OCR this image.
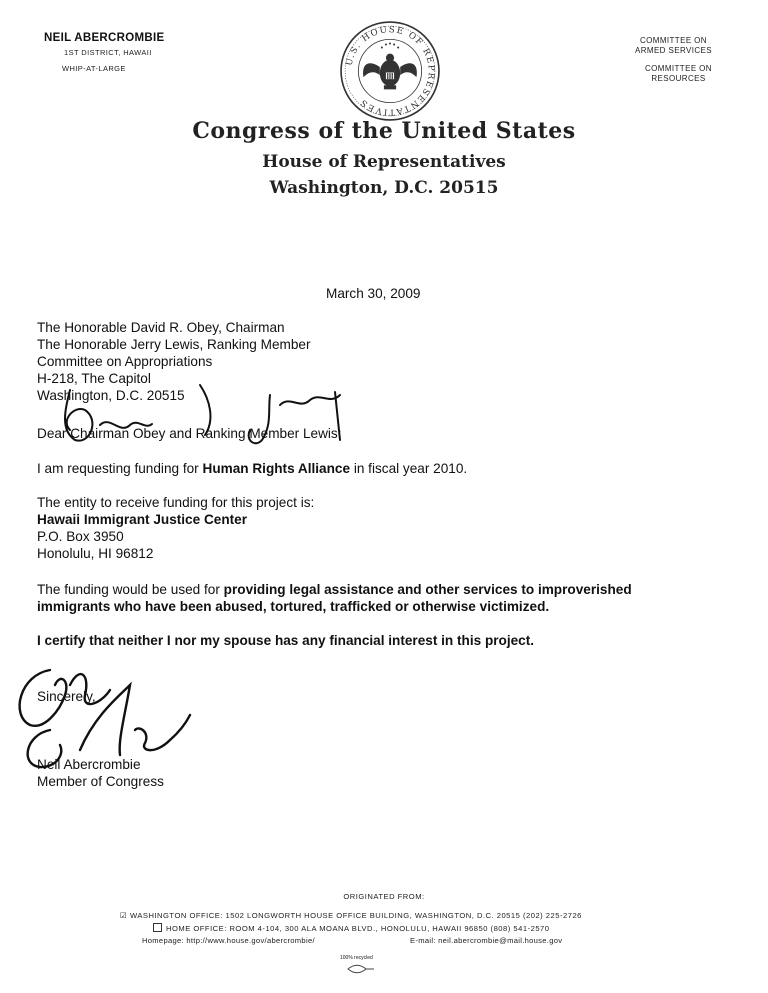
NEIL ABERCROMBIE
1ST DISTRICT, HAWAII
WHIP-AT-LARGE
COMMITTEE ON
ARMED SERVICES
COMMITTEE ON
RESOURCES
U.S. HOUSE OF REPRESENTATIVES
Congress of the United States
House of Representatives
Washington, D.C. 20515
March 30, 2009
The Honorable David R. Obey, Chairman
The Honorable Jerry Lewis, Ranking Member
Committee on Appropriations
H-218, The Capitol
Washington, D.C. 20515
Dear Chairman Obey and Ranking Member Lewis:
I am requesting funding for Human Rights Alliance in fiscal year 2010.
The entity to receive funding for this project is:
Hawaii Immigrant Justice Center
P.O. Box 3950
Honolulu, HI 96812
The funding would be used for providing legal assistance and other services to improverished
immigrants who have been abused, tortured, trafficked or otherwise victimized.
I certify that neither I nor my spouse has any financial interest in this project.
Sincerely,
Neil Abercrombie
Member of Congress
ORIGINATED FROM:
☑ WASHINGTON OFFICE: 1502 LONGWORTH HOUSE OFFICE BUILDING, WASHINGTON, D.C. 20515 (202) 225-2726
HOME OFFICE: ROOM 4-104, 300 ALA MOANA BLVD., HONOLULU, HAWAII 96850 (808) 541-2570
Homepage: http://www.house.gov/abercrombie/	E-mail: neil.abercrombie@mail.house.gov
100% recycled
